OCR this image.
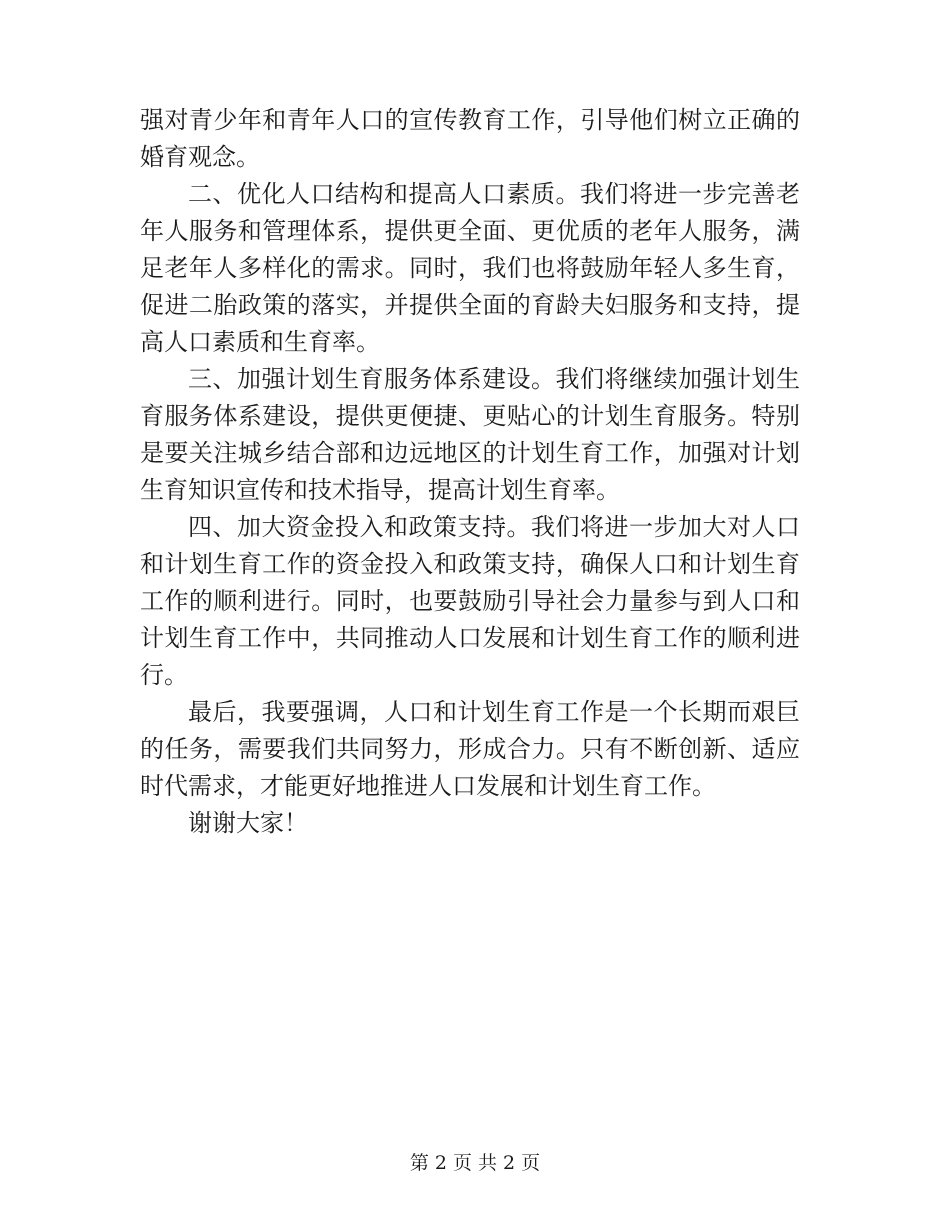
强对青少年和青年人口的宣传教育工作，引导他们树立正确的婚育观念。

二、优化人口结构和提高人口素质。我们将进一步完善老年人服务和管理体系，提供更全面、更优质的老年人服务，满足老年人多样化的需求。同时，我们也将鼓励年轻人多生育，促进二胎政策的落实，并提供全面的育龄夫妇服务和支持，提高人口素质和生育率。

三、加强计划生育服务体系建设。我们将继续加强计划生育服务体系建设，提供更便捷、更贴心的计划生育服务。特别是要关注城乡结合部和边远地区的计划生育工作，加强对计划生育知识宣传和技术指导，提高计划生育率。

四、加大资金投入和政策支持。我们将进一步加大对人口和计划生育工作的资金投入和政策支持，确保人口和计划生育工作的顺利进行。同时，也要鼓励引导社会力量参与到人口和计划生育工作中，共同推动人口发展和计划生育工作的顺利进行。

最后，我要强调，人口和计划生育工作是一个长期而艰巨的任务，需要我们共同努力，形成合力。只有不断创新、适应时代需求，才能更好地推进人口发展和计划生育工作。

谢谢大家！

第 2 页 共 2 页
